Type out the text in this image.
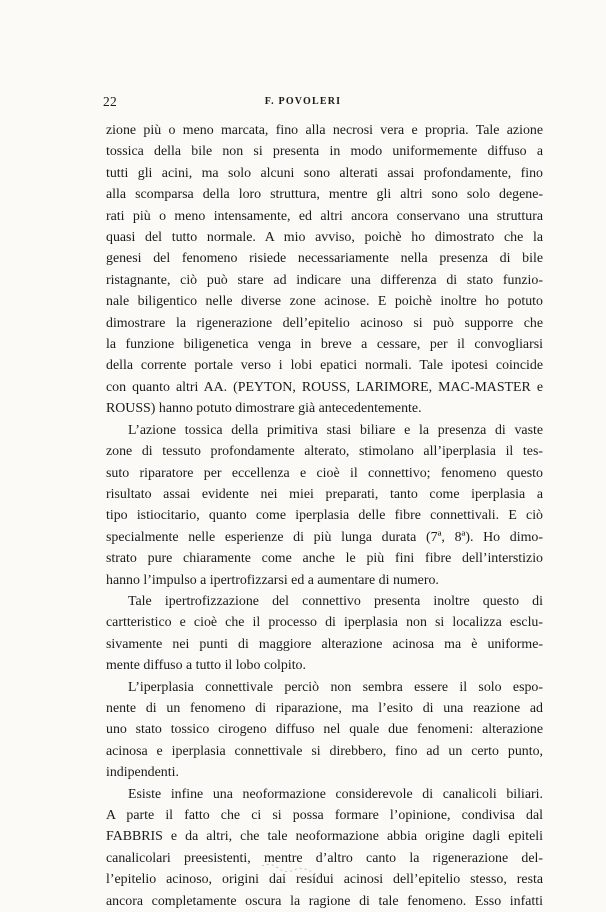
22	F. POVOLERI
zione più o meno marcata, fino alla necrosi vera e propria. Tale azione
tossica della bile non si presenta in modo uniformemente diffuso a
tutti gli acini, ma solo alcuni sono alterati assai profondamente, fino
alla scomparsa della loro struttura, mentre gli altri sono solo degene-
rati più o meno intensamente, ed altri ancora conservano una struttura
quasi del tutto normale. A mio avviso, poichè ho dimostrato che la
genesi del fenomeno risiede necessariamente nella presenza di bile
ristagnante, ciò può stare ad indicare una differenza di stato funzio-
nale biligentico nelle diverse zone acinose. E poichè inoltre ho potuto
dimostrare la rigenerazione dell’epitelio acinoso si può supporre che
la funzione biligenetica venga in breve a cessare, per il convogliarsi
della corrente portale verso i lobi epatici normali. Tale ipotesi coincide
con quanto altri AA. (PEYTON, ROUSS, LARIMORE, MAC-MASTER e
ROUSS) hanno potuto dimostrare già antecedentemente.
L’azione tossica della primitiva stasi biliare e la presenza di vaste
zone di tessuto profondamente alterato, stimolano all’iperplasia il tes-
suto riparatore per eccellenza e cioè il connettivo; fenomeno questo
risultato assai evidente nei miei preparati, tanto come iperplasia a
tipo istiocitario, quanto come iperplasia delle fibre connettivali. E ciò
specialmente nelle esperienze di più lunga durata (7ª, 8ª). Ho dimo-
strato pure chiaramente come anche le più fini fibre dell’interstizio
hanno l’impulso a ipertrofizzarsi ed a aumentare di numero.
Tale ipertrofizzazione del connettivo presenta inoltre questo di
cartteristico e cioè che il processo di iperplasia non si localizza esclu-
sivamente nei punti di maggiore alterazione acinosa ma è uniforme-
mente diffuso a tutto il lobo colpito.
L’iperplasia connettivale perciò non sembra essere il solo espo-
nente di un fenomeno di riparazione, ma l’esito di una reazione ad
uno stato tossico cirogeno diffuso nel quale due fenomeni: alterazione
acinosa e iperplasia connettivale si direbbero, fino ad un certo punto,
indipendenti.
Esiste infine una neoformazione considerevole di canalicoli biliari.
A parte il fatto che ci si possa formare l’opinione, condivisa dal
FABBRIS e da altri, che tale neoformazione abbia origine dagli epiteli
canalicolari preesistenti, mentre d’altro canto la rigenerazione del-
l’epitelio acinoso, origini dai residui acinosi dell’epitelio stesso, resta
ancora completamente oscura la ragione di tale fenomeno. Esso infatti
